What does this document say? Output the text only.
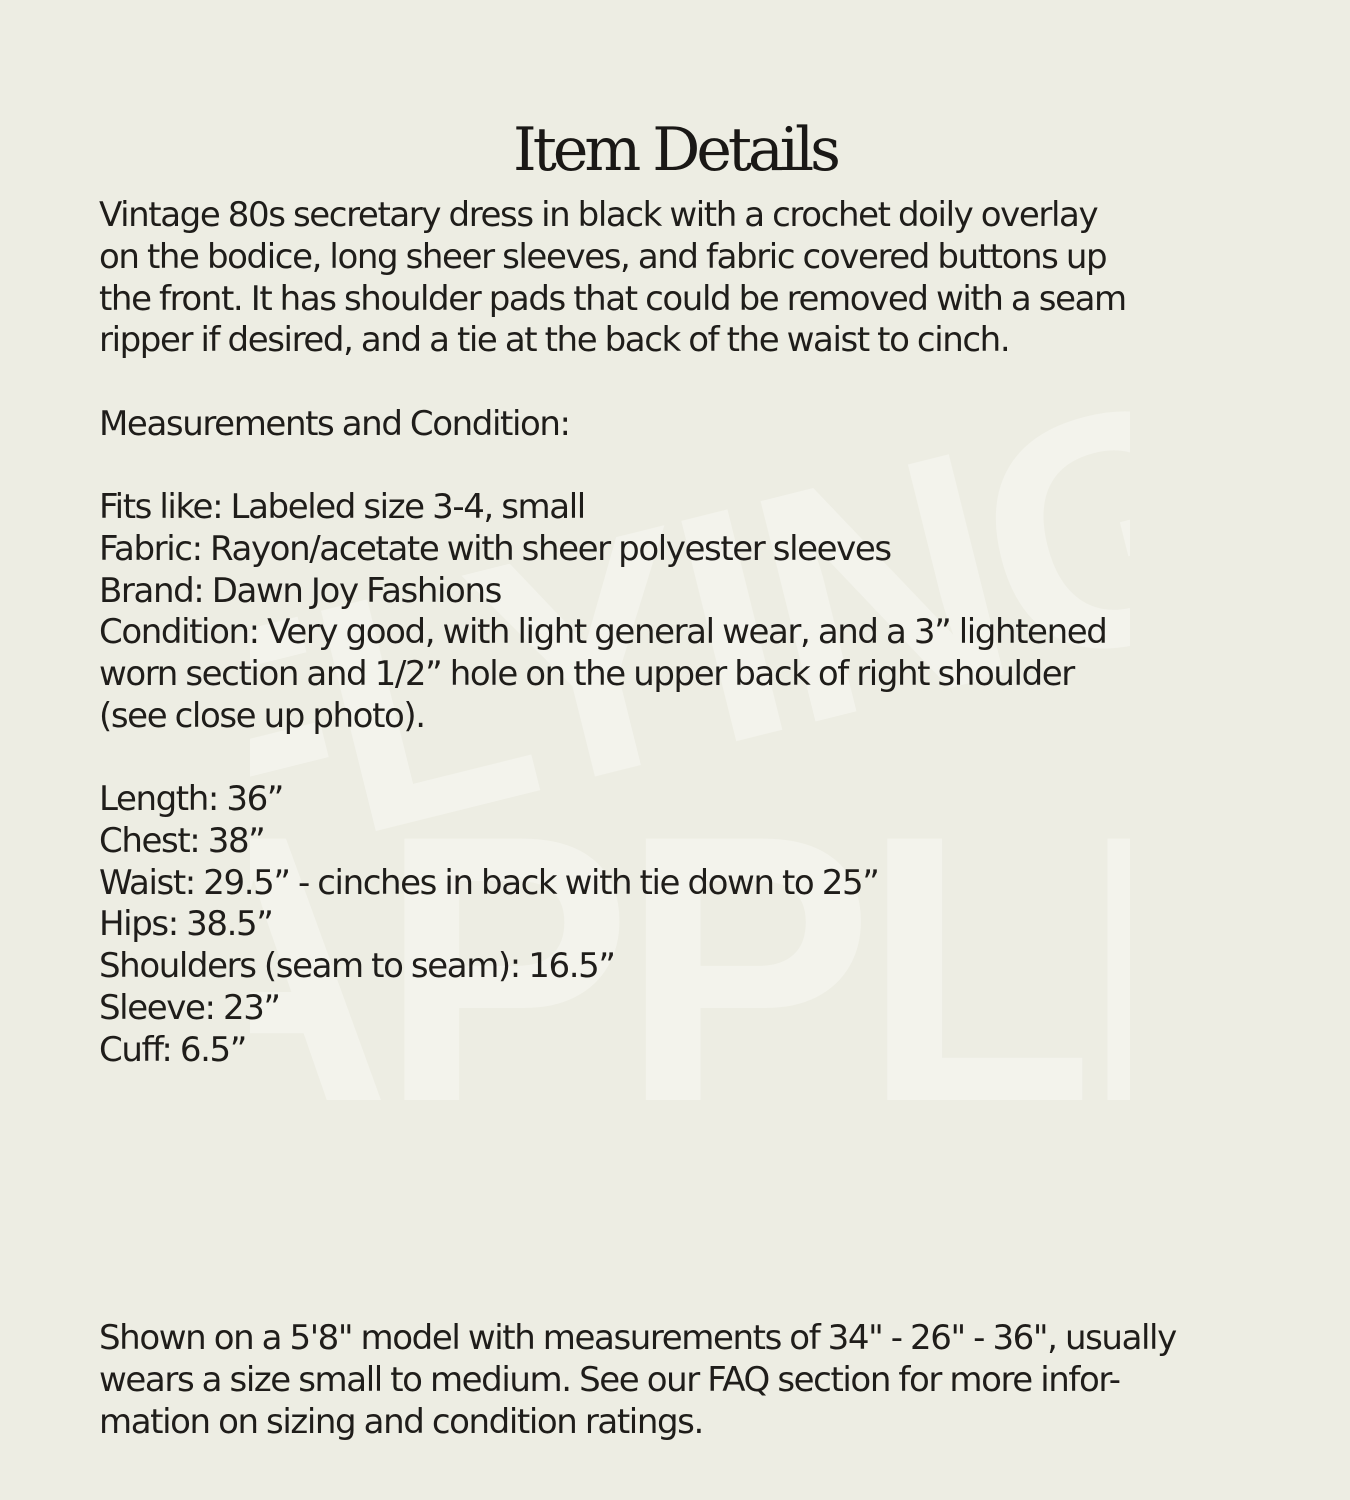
FLYING
PPL
Item Details

Vintage 80s secretary dress in black with a crochet doily overlay

on the bodice, long sheer sleeves, and fabric covered buttons up

the front. It has shoulder pads that could be removed with a seam

ripper if desired, and a tie at the back of the waist to cinch.

Measurements and Condition:

Fits like: Labeled size 3-4, small

Fabric: Rayon/acetate with sheer polyester sleeves

Brand: Dawn Joy Fashions

Condition: Very good, with light general wear, and a 3” lightened

worn section and 1/2” hole on the upper back of right shoulder

(see close up photo).

Length: 36”

Chest: 38”

Waist: 29.5” - cinches in back with tie down to 25”

Hips: 38.5”

Shoulders (seam to seam): 16.5”

Sleeve: 23”

Cuff: 6.5”

Shown on a 5'8" model with measurements of 34" - 26" - 36", usually

wears a size small to medium. See our FAQ section for more infor-

mation on sizing and condition ratings.
